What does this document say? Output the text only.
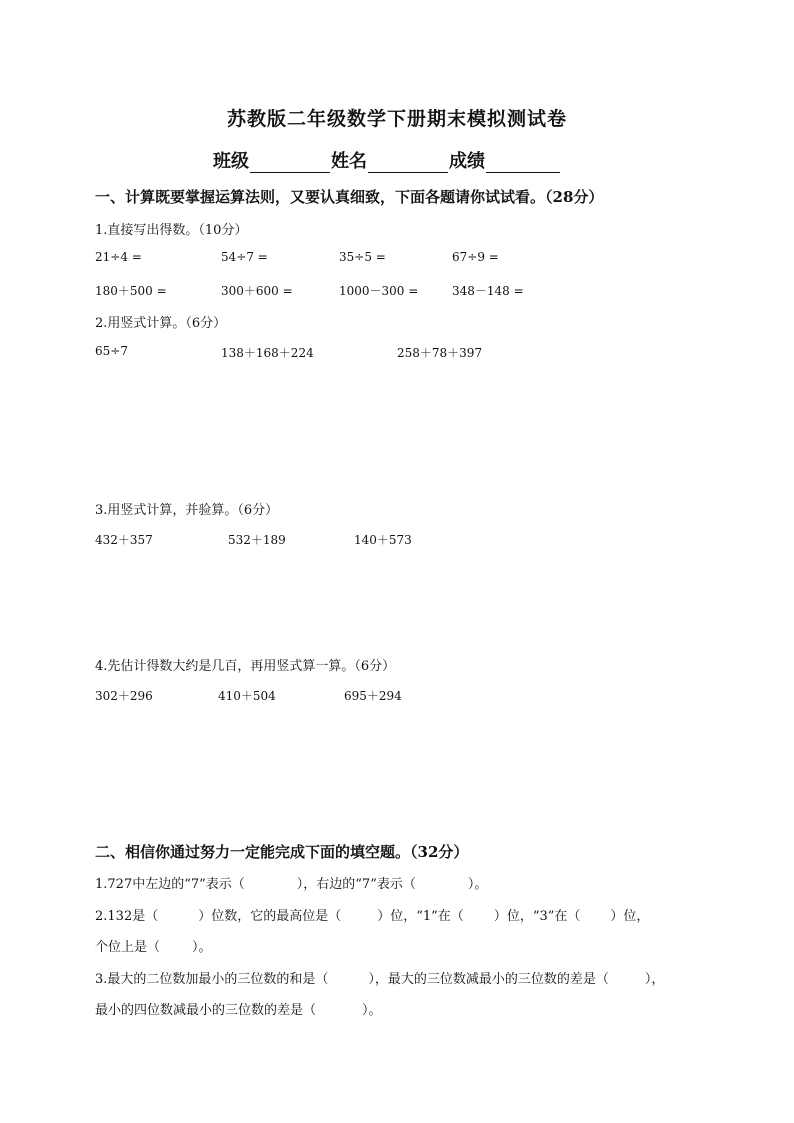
苏教版二年级数学下册期末模拟测试卷
班级	姓名	成绩
一、计算既要掌握运算法则，又要认真细致，下面各题请你试试看。（28分）
1.直接写出得数。（10分）
21÷4 =	54÷7 =	35÷5 =	67÷9 =
180＋500 =	300＋600 =	1000－300 =	348－148 =
2.用竖式计算。（6分）
65÷7	138＋168＋224	258＋78＋397
3.用竖式计算，并验算。（6分）
432＋357	532＋189	140＋573
4.先估计得数大约是几百，再用竖式算一算。（6分）
302＋296	410＋504	695＋294
二、相信你通过努力一定能完成下面的填空题。（32分）
1.727中左边的“7”表示（	），右边的“7”表示（	）。
2.132是（	）位数，它的最高位是（	）位，“1”在（ ）位，“3”在（ ）位，
个位上是（ ）。
3.最大的二位数加最小的三位数的和是（	），最大的三位数减最小的三位数的差是（	），
最小的四位数减最小的三位数的差是（	）。
